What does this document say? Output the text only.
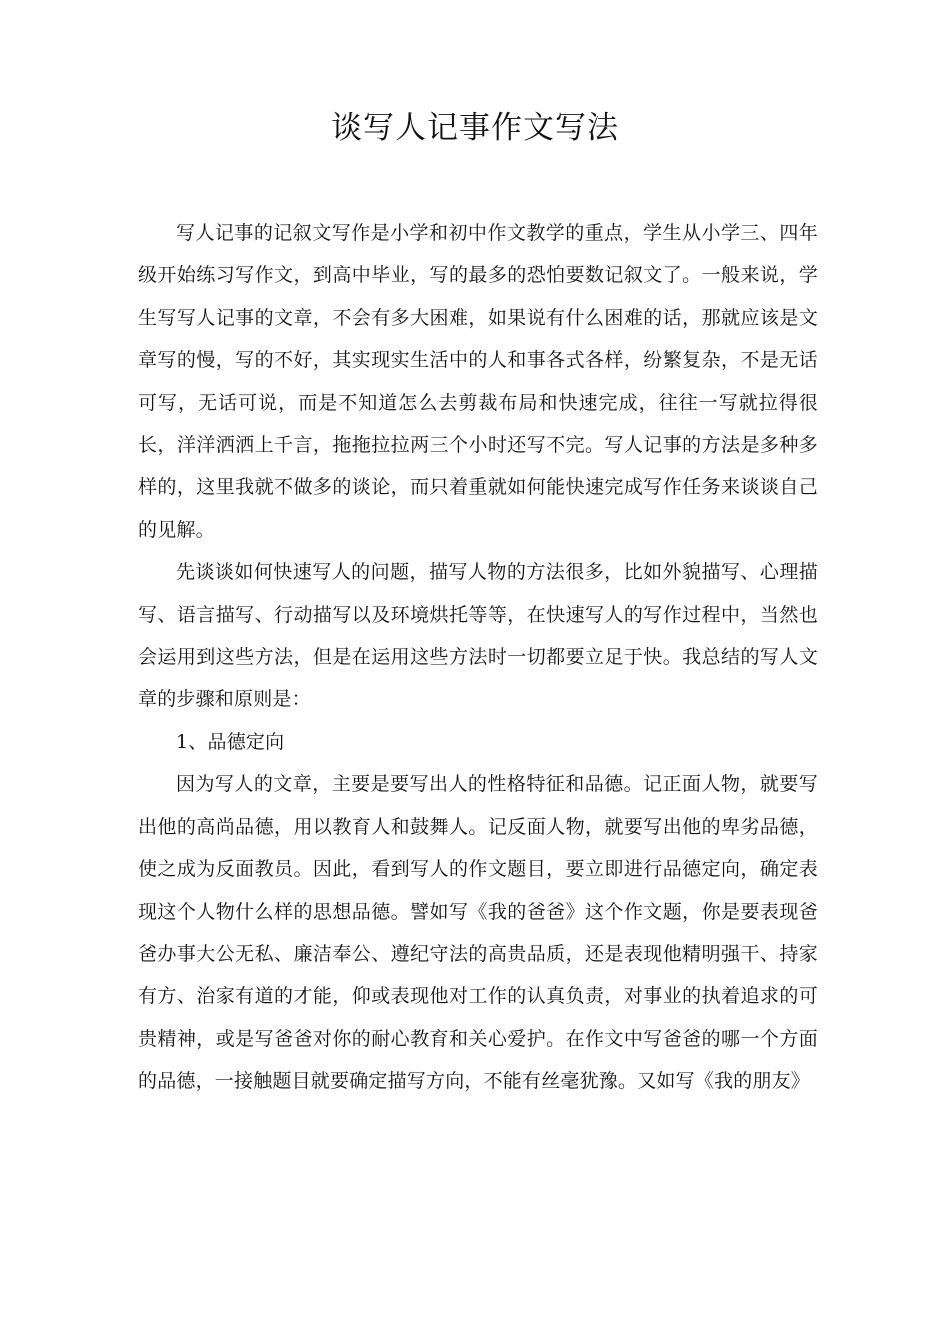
谈写人记事作文写法

写人记事的记叙文写作是小学和初中作文教学的重点，学生从小学三、四年级开始练习写作文，到高中毕业，写的最多的恐怕要数记叙文了。一般来说，学生写写人记事的文章，不会有多大困难，如果说有什么困难的话，那就应该是文章写的慢，写的不好，其实现实生活中的人和事各式各样，纷繁复杂，不是无话可写，无话可说，而是不知道怎么去剪裁布局和快速完成，往往一写就拉得很长，洋洋洒洒上千言，拖拖拉拉两三个小时还写不完。写人记事的方法是多种多样的，这里我就不做多的谈论，而只着重就如何能快速完成写作任务来谈谈自己的见解。

先谈谈如何快速写人的问题，描写人物的方法很多，比如外貌描写、心理描写、语言描写、行动描写以及环境烘托等等，在快速写人的写作过程中，当然也会运用到这些方法，但是在运用这些方法时一切都要立足于快。我总结的写人文章的步骤和原则是：

1、品德定向

因为写人的文章，主要是要写出人的性格特征和品德。记正面人物，就要写出他的高尚品德，用以教育人和鼓舞人。记反面人物，就要写出他的卑劣品德，使之成为反面教员。因此，看到写人的作文题目，要立即进行品德定向，确定表现这个人物什么样的思想品德。譬如写《我的爸爸》这个作文题，你是要表现爸爸办事大公无私、廉洁奉公、遵纪守法的高贵品质，还是表现他精明强干、持家有方、治家有道的才能，仰或表现他对工作的认真负责，对事业的执着追求的可贵精神，或是写爸爸对你的耐心教育和关心爱护。在作文中写爸爸的哪一个方面的品德，一接触题目就要确定描写方向，不能有丝毫犹豫。又如写《我的朋友》
